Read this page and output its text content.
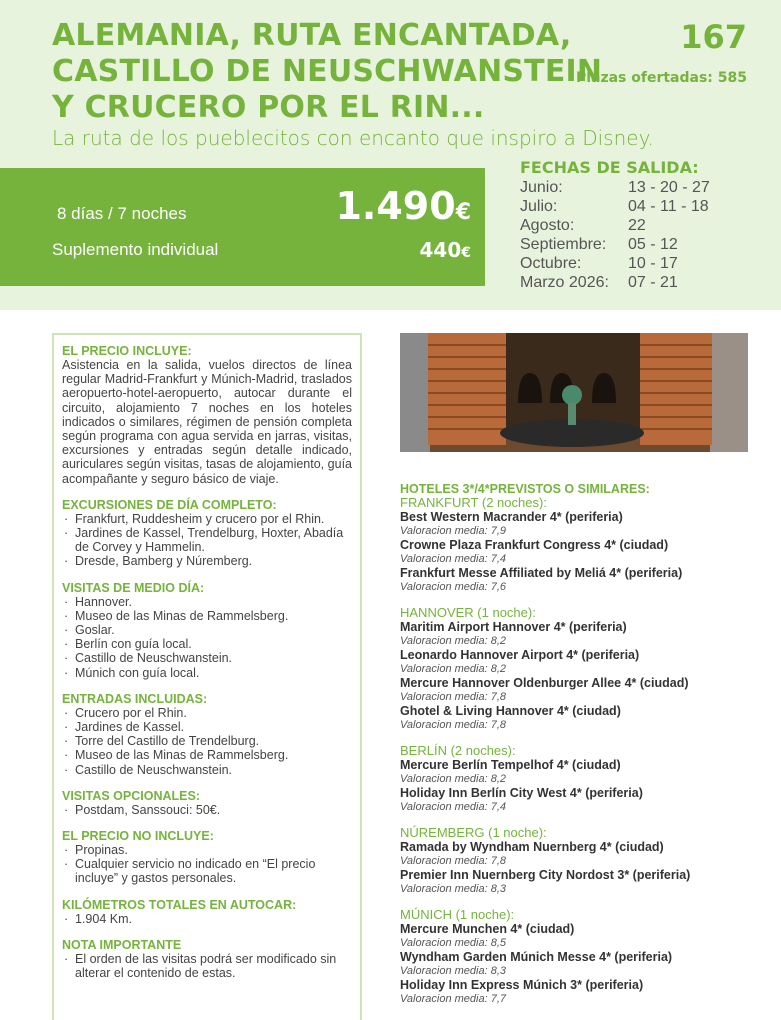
ALEMANIA, RUTA ENCANTADA,
CASTILLO DE NEUSCHWANSTEIN
Y CRUCERO POR EL RIN...
167
Plazas ofertadas: 585
La ruta de los pueblecitos con encanto que inspiro a Disney.
8 días / 7 noches	1.490€
Suplemento individual	440€
FECHAS DE SALIDA:
Junio:	13 - 20 - 27
Julio:	04 - 11 - 18
Agosto:	22
Septiembre:	05 - 12
Octubre:	10 - 17
Marzo 2026:	07 - 21
EL PRECIO INCLUYE:
Asistencia en la salida, vuelos directos de línea regular Madrid-Frankfurt y Múnich-Madrid, traslados aeropuerto-hotel-aeropuerto, autocar durante el circuito, alojamiento 7 noches en los hoteles indicados o similares, régimen de pensión completa según programa con agua servida en jarras, visitas, excursiones y entradas según detalle indicado, auriculares según visitas, tasas de alojamiento, guía acompañante y seguro básico de viaje.
EXCURSIONES DE DÍA COMPLETO:
· Frankfurt, Ruddesheim y crucero por el Rhin.
· Jardines de Kassel, Trendelburg, Hoxter, Abadía de Corvey y Hammelin.
· Dresde, Bamberg y Núremberg.
VISITAS DE MEDIO DÍA:
· Hannover.
· Museo de las Minas de Rammelsberg.
· Goslar.
· Berlín con guía local.
· Castillo de Neuschwanstein.
· Múnich con guía local.
ENTRADAS INCLUIDAS:
· Crucero por el Rhin.
· Jardines de Kassel.
· Torre del Castillo de Trendelburg.
· Museo de las Minas de Rammelsberg.
· Castillo de Neuschwanstein.
VISITAS OPCIONALES:
· Postdam, Sanssouci: 50€.
EL PRECIO NO INCLUYE:
· Propinas.
· Cualquier servicio no indicado en “El precio incluye” y gastos personales.
KILÓMETROS TOTALES EN AUTOCAR:
· 1.904 Km.
NOTA IMPORTANTE
· El orden de las visitas podrá ser modificado sin alterar el contenido de estas.
HOTELES 3*/4*PREVISTOS O SIMILARES:
FRANKFURT (2 noches):
Best Western Macrander 4* (periferia)
Valoracion media: 7,9
Crowne Plaza Frankfurt Congress 4* (ciudad)
Valoracion media: 7,4
Frankfurt Messe Affiliated by Meliá 4* (periferia)
Valoracion media: 7,6
HANNOVER (1 noche):
Maritim Airport Hannover 4* (periferia)
Valoracion media: 8,2
Leonardo Hannover Airport 4* (periferia)
Valoracion media: 8,2
Mercure Hannover Oldenburger Allee 4* (ciudad)
Valoracion media: 7,8
Ghotel & Living Hannover 4* (ciudad)
Valoracion media: 7,8
BERLÍN (2 noches):
Mercure Berlín Tempelhof 4* (ciudad)
Valoracion media: 8,2
Holiday Inn Berlín City West 4* (periferia)
Valoracion media: 7,4
NÚREMBERG (1 noche):
Ramada by Wyndham Nuernberg 4* (ciudad)
Valoracion media: 7,8
Premier Inn Nuernberg City Nordost 3* (periferia)
Valoracion media: 8,3
MÚNICH (1 noche):
Mercure Munchen 4* (ciudad)
Valoracion media: 8,5
Wyndham Garden Múnich Messe 4* (periferia)
Valoracion media: 8,3
Holiday Inn Express Múnich 3* (periferia)
Valoracion media: 7,7
